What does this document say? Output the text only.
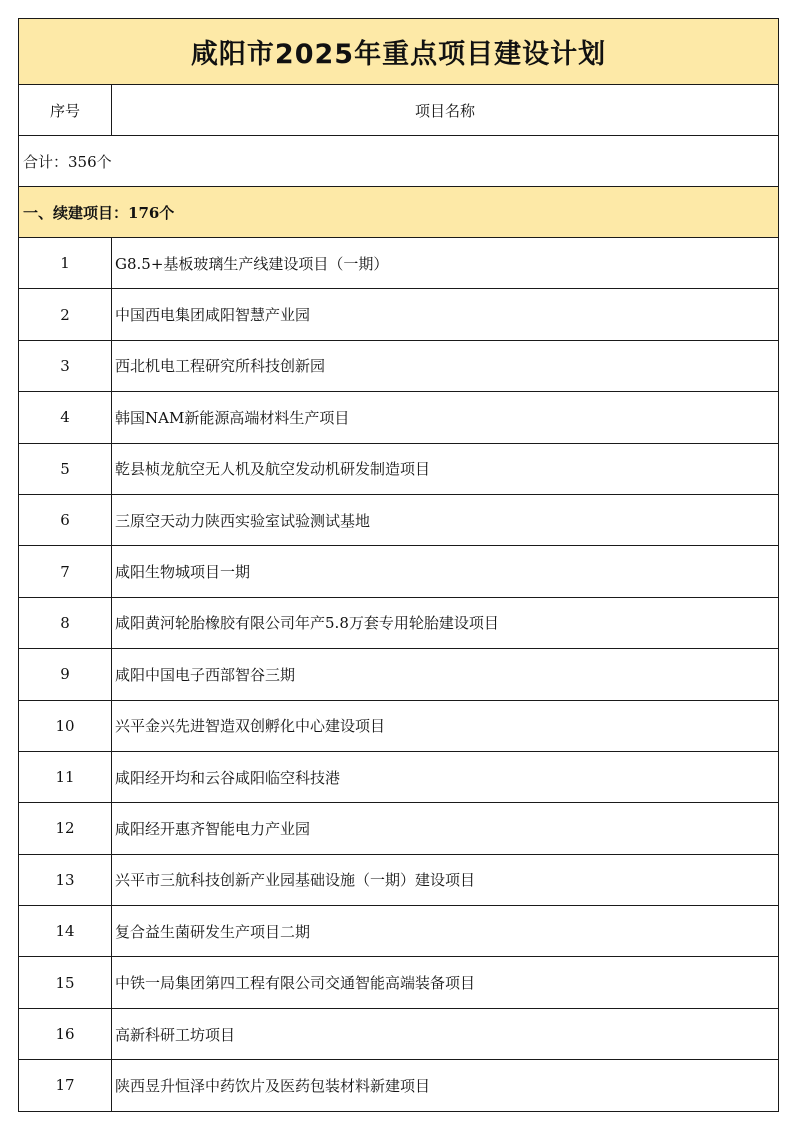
咸阳市2025年重点项目建设计划	
序号	项目名称
合计：356个	
一、续建项目：176个	
1	G8.5+基板玻璃生产线建设项目（一期）
2	中国西电集团咸阳智慧产业园
3	西北机电工程研究所科技创新园
4	韩国NAM新能源高端材料生产项目
5	乾县桢龙航空无人机及航空发动机研发制造项目
6	三原空天动力陕西实验室试验测试基地
7	咸阳生物城项目一期
8	咸阳黄河轮胎橡胶有限公司年产5.8万套专用轮胎建设项目
9	咸阳中国电子西部智谷三期
10	兴平金兴先进智造双创孵化中心建设项目
11	咸阳经开均和云谷咸阳临空科技港
12	咸阳经开惠齐智能电力产业园
13	兴平市三航科技创新产业园基础设施（一期）建设项目
14	复合益生菌研发生产项目二期
15	中铁一局集团第四工程有限公司交通智能高端装备项目
16	高新科研工坊项目
17	陕西昱升恒泽中药饮片及医药包装材料新建项目
